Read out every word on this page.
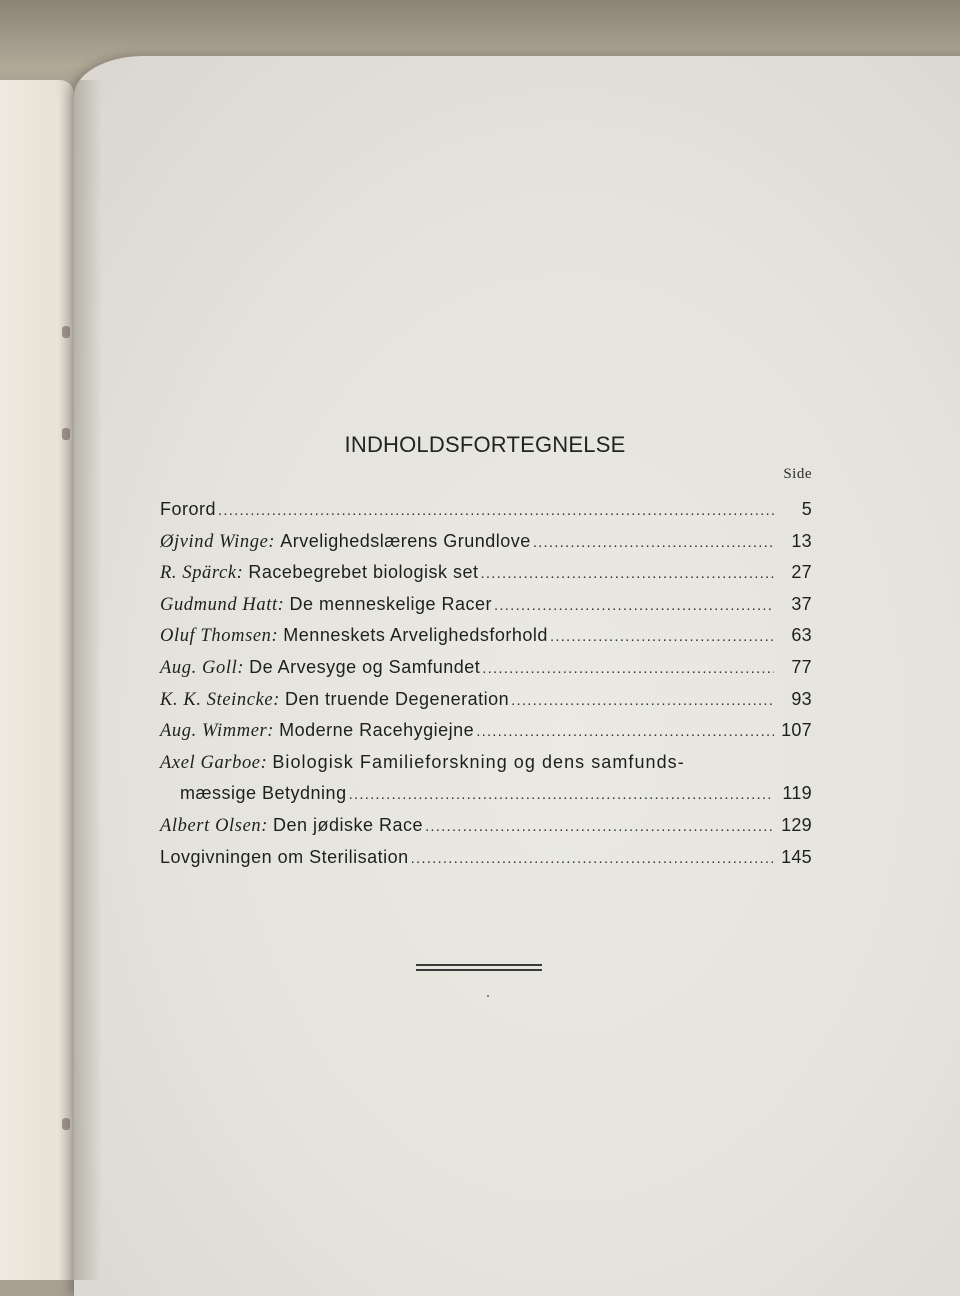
INDHOLDSFORTEGNELSE
Side
Forord .....	5
Øjvind Winge: Arvelighedslærens Grundlove .....	13
R. Spärck: Racebegrebet biologisk set .....	27
Gudmund Hatt: De menneskelige Racer .....	37
Oluf Thomsen: Menneskets Arvelighedsforhold .....	63
Aug. Goll: De Arvesyge og Samfundet .....	77
K. K. Steincke: Den truende Degeneration .....	93
Aug. Wimmer: Moderne Racehygiejne .....	107
Axel Garboe: Biologisk Familieforskning og dens samfunds-
mæssige Betydning .....	119
Albert Olsen: Den jødiske Race .....	129
Lovgivningen om Sterilisation .....	145
